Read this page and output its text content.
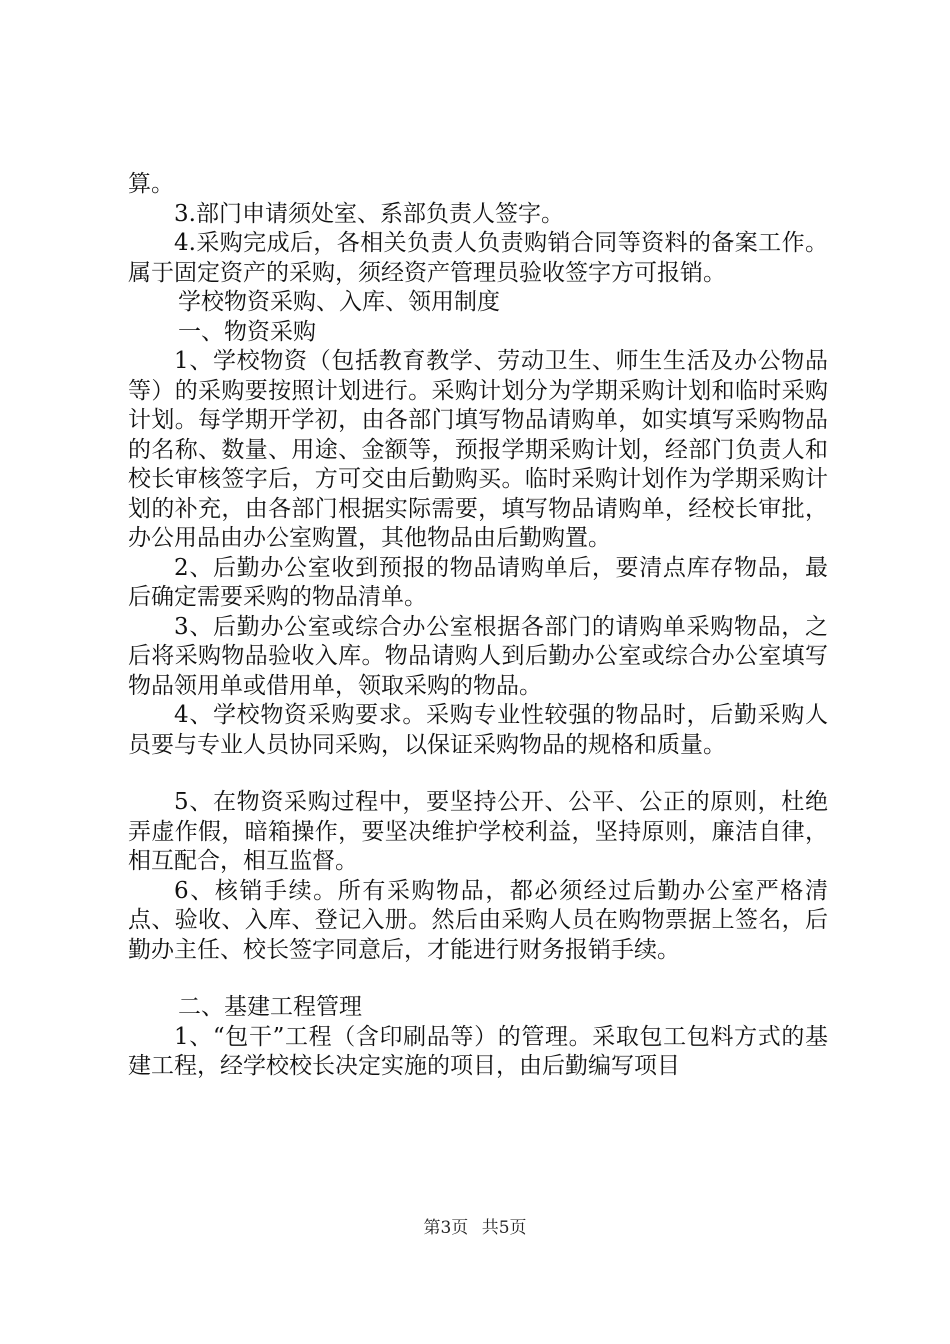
算。

3.部门申请须处室、系部负责人签字。

4.采购完成后，各相关负责人负责购销合同等资料的备案工作。属于固定资产的采购，须经资产管理员验收签字方可报销。

学校物资采购、入库、领用制度

一、物资采购

1、学校物资（包括教育教学、劳动卫生、师生生活及办公物品等）的采购要按照计划进行。采购计划分为学期采购计划和临时采购计划。每学期开学初，由各部门填写物品请购单，如实填写采购物品的名称、数量、用途、金额等，预报学期采购计划，经部门负责人和校长审核签字后，方可交由后勤购买。临时采购计划作为学期采购计划的补充，由各部门根据实际需要，填写物品请购单，经校长审批，办公用品由办公室购置，其他物品由后勤购置。

2、后勤办公室收到预报的物品请购单后，要清点库存物品，最后确定需要采购的物品清单。

3、后勤办公室或综合办公室根据各部门的请购单采购物品，之后将采购物品验收入库。物品请购人到后勤办公室或综合办公室填写物品领用单或借用单，领取采购的物品。

4、学校物资采购要求。采购专业性较强的物品时，后勤采购人员要与专业人员协同采购，以保证采购物品的规格和质量。

5、在物资采购过程中，要坚持公开、公平、公正的原则，杜绝弄虚作假，暗箱操作，要坚决维护学校利益，坚持原则，廉洁自律，相互配合，相互监督。

6、核销手续。所有采购物品，都必须经过后勤办公室严格清点、验收、入库、登记入册。然后由采购人员在购物票据上签名，后勤办主任、校长签字同意后，才能进行财务报销手续。

二、基建工程管理

1、“包干”工程（含印刷品等）的管理。采取包工包料方式的基建工程，经学校校长决定实施的项目，由后勤编写项目

第3页 共5页
